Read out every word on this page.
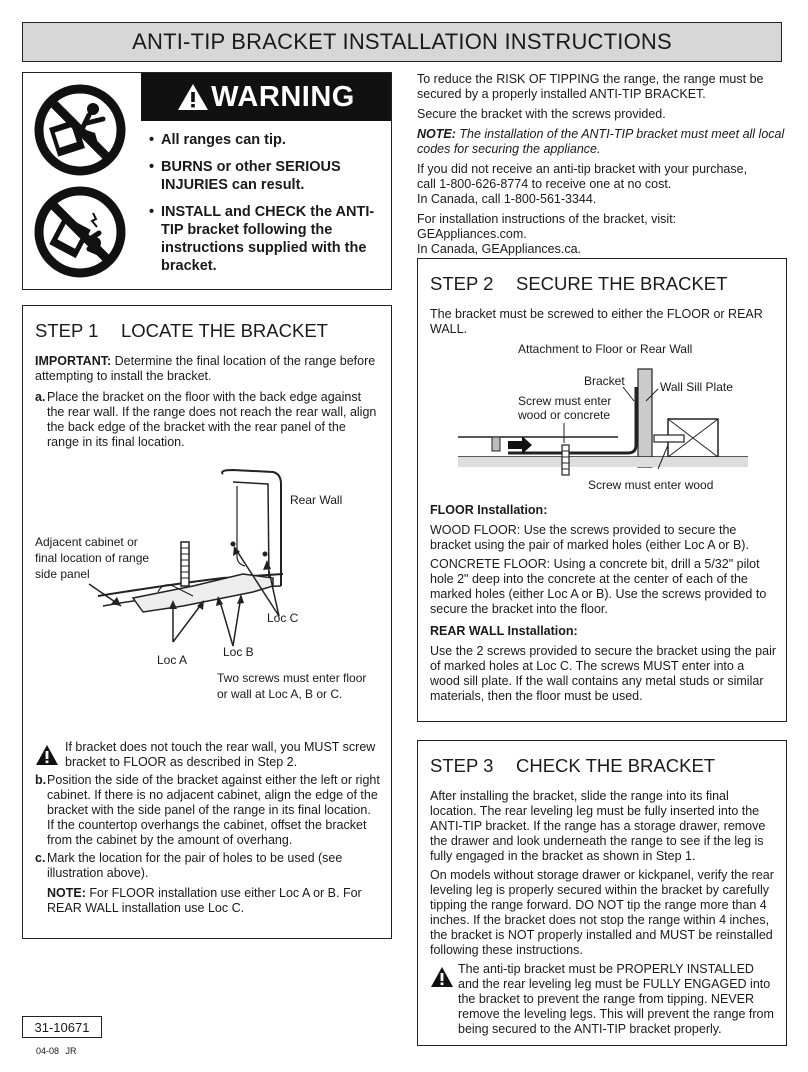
ANTI-TIP BRACKET INSTALLATION INSTRUCTIONS
WARNING
• All ranges can tip.
• BURNS or other SERIOUS INJURIES can result.
• INSTALL and CHECK the ANTI-TIP bracket following the instructions supplied with the bracket.

To reduce the RISK OF TIPPING the range, the range must be secured by a properly installed ANTI-TIP BRACKET.

Secure the bracket with the screws provided.

NOTE: The installation of the ANTI-TIP bracket must meet all local codes for securing the appliance.

If you did not receive an anti-tip bracket with your purchase,

call 1-800-626-8774 to receive one at no cost.

In Canada, call 1-800-561-3344.

For installation instructions of the bracket, visit: GEAppliances.com.

In Canada, GEAppliances.ca.

STEP 1	LOCATE THE BRACKET

IMPORTANT: Determine the final location of the range before attempting to install the bracket.

a. Place the bracket on the floor with the back edge against the rear wall. If the range does not reach the rear wall, align the back edge of the bracket with the rear panel of the range in its final location.
Rear Wall
Adjacent cabinet or
final location of range
side panel
Loc C
Loc B
Loc A
Two screws must enter floor
or wall at Loc A, B or C.
If bracket does not touch the rear wall, you MUST screw bracket to FLOOR as described in Step 2.
b. Position the side of the bracket against either the left or right cabinet. If there is no adjacent cabinet, align the edge of the bracket with the side panel of the range in its final location. If the countertop overhangs the cabinet, offset the bracket from the cabinet by the amount of overhang.
c. Mark the location for the pair of holes to be used (see illustration above).

NOTE: For FLOOR installation use either Loc A or B. For REAR WALL installation use Loc C.

STEP 2	SECURE THE BRACKET

The bracket must be screwed to either the FLOOR or REAR WALL.

Attachment to Floor or Rear Wall
Bracket	Wall Sill Plate
Screw must enter
wood or concrete
Screw must enter wood

FLOOR Installation:

WOOD FLOOR: Use the screws provided to secure the bracket using the pair of marked holes (either Loc A or B).

CONCRETE FLOOR: Using a concrete bit, drill a 5/32" pilot hole 2" deep into the concrete at the center of each of the marked holes (either Loc A or B). Use the screws provided to secure the bracket into the floor.

REAR WALL Installation:

Use the 2 screws provided to secure the bracket using the pair of marked holes at Loc C. The screws MUST enter into a wood sill plate. If the wall contains any metal studs or similar materials, then the floor must be used.

STEP 3	CHECK THE BRACKET

After installing the bracket, slide the range into its final location. The rear leveling leg must be fully inserted into the ANTI-TIP bracket. If the range has a storage drawer, remove the drawer and look underneath the range to see if the leg is fully engaged in the bracket as shown in Step 1.

On models without storage drawer or kickpanel, verify the rear leveling leg is properly secured within the bracket by carefully tipping the range forward. DO NOT tip the range more than 4 inches. If the bracket does not stop the range within 4 inches, the bracket is NOT properly installed and MUST be reinstalled following these instructions.

The anti-tip bracket must be PROPERLY INSTALLED and the rear leveling leg must be FULLY ENGAGED into the bracket to prevent the range from tipping. NEVER remove the leveling legs. This will prevent the range from being secured to the ANTI-TIP bracket properly.
31-10671
04-08 JR
